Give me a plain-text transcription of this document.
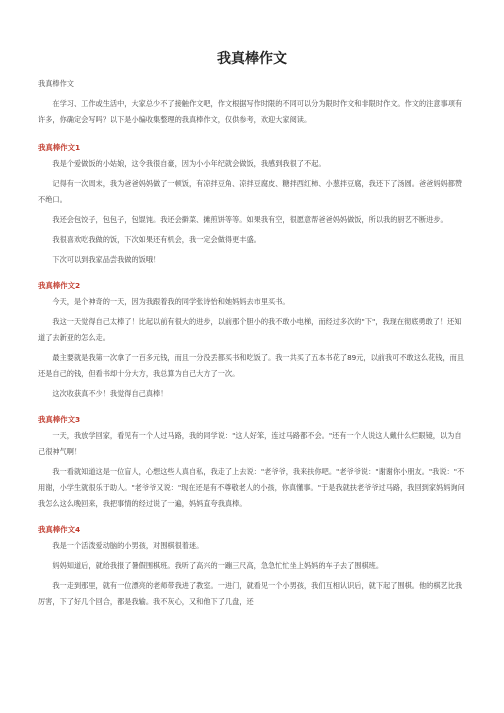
我真棒作文
我真棒作文

在学习、工作或生活中，大家总少不了接触作文吧，作文根据写作时限的不同可以分为限时作文和非限时作文。作文的注意事项有许多，你确定会写吗？以下是小编收集整理的我真棒作文，仅供参考，欢迎大家阅读。

我真棒作文1

我是个爱做饭的小姑娘，这令我很自豪，因为小小年纪就会做饭，我感到我很了不起。

记得有一次周末，我为爸爸妈妈做了一顿饭，有凉拌豆角、凉拌豆腐皮、糖拌西红柿、小葱拌豆腐，我还下了汤圆。爸爸妈妈都赞不绝口。

我还会包饺子，包包子，包馄饨。我还会擀菜、摊煎饼等等。如果我有空，很愿意帮爸爸妈妈做饭，所以我的厨艺不断进步。

我很喜欢吃我做的饭，下次如果还有机会，我一定会做得更丰盛。

下次可以到我家品尝我做的饭哦！

我真棒作文2

今天，是个神奇的一天，因为我跟着我的同学张诗怡和她妈妈去市里买书。

我这一天觉得自己太棒了！比起以前有很大的进步，以前那个胆小的我不敢小电梯，而经过多次的"下"，我现在彻底勇敢了！还知道了去新亚的怎么走。

最主要就是我第一次拿了一百多元钱，而且一分没丢都买书和吃饭了。我一共买了五本书花了89元，以前我可不敢这么花钱，而且还是自己的钱，但看书却十分大方，我总算为自己大方了一次。

这次收获真不少！我觉得自己真棒！

我真棒作文3

一天，我放学回家，看见有一个人过马路，我的同学说："这人好笨，连过马路都不会。"还有一个人说这人戴什么烂眼镜，以为自己很神气啊！

我一看就知道这是一位盲人，心想这些人真自私，我走了上去说："老爷爷，我来扶你吧。"老爷爷说："谢谢你小朋友。"我说："不用谢，小学生就很乐于助人。"老爷爷又说："现在还是有不尊敬老人的小孩，你真懂事。"于是我就扶老爷爷过马路，我回到家妈妈询问我怎么这么晚回来，我把事情的经过说了一遍，妈妈直夸我真棒。

我真棒作文4

我是一个活泼爱动脑的小男孩，对围棋很着迷。

妈妈知道后，就给我报了暑假围棋班。我听了高兴的一蹦三尺高，急急忙忙坐上妈妈的车子去了围棋班。

我一走到那里，就有一位漂亮的老师带我进了教室。一进门，就看见一个小男孩，我们互相认识后，就下起了围棋。他的棋艺比我厉害，下了好几个回合，都是我输。我不灰心，又和他下了几盘，还
